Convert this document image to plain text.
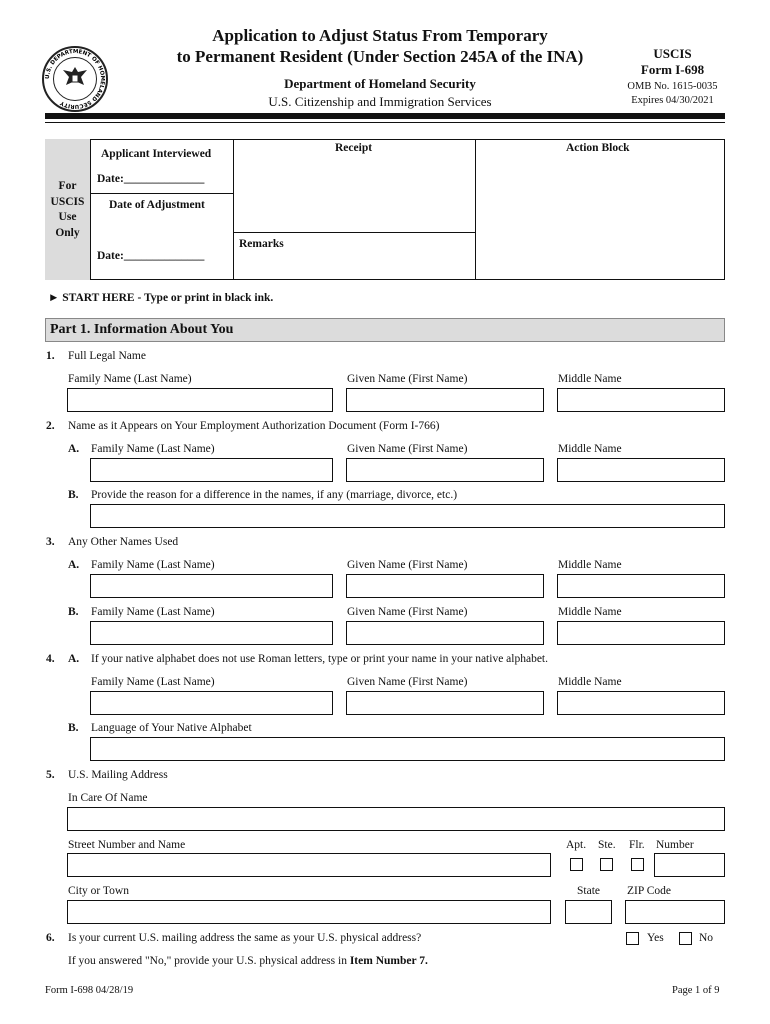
U.S. DEPARTMENT OF HOMELAND SECURITY
Application to Adjust Status From Temporary
to Permanent Resident (Under Section 245A of the INA)
Department of Homeland Security
U.S. Citizenship and Immigration Services
USCIS
Form I-698
OMB No. 1615-0035
Expires 04/30/2021
For
USCIS
Use
Only
Applicant Interviewed
Date:______________
Date of Adjustment
Date:______________
Receipt
Remarks
Action Block
► START HERE - Type or print in black ink.
Part 1. Information About You
1. Full Legal Name
Family Name (Last Name)	Given Name (First Name)	Middle Name
2. Name as it Appears on Your Employment Authorization Document (Form I-766)
A. Family Name (Last Name)	Given Name (First Name)	Middle Name
B. Provide the reason for a difference in the names, if any (marriage, divorce, etc.)
3. Any Other Names Used
A. Family Name (Last Name)	Given Name (First Name)	Middle Name
B. Family Name (Last Name)	Given Name (First Name)	Middle Name
4. A. If your native alphabet does not use Roman letters, type or print your name in your native alphabet.
Family Name (Last Name)	Given Name (First Name)	Middle Name
B. Language of Your Native Alphabet
5. U.S. Mailing Address
In Care Of Name
Street Number and Name	Apt. Ste. Flr. Number
City or Town	State ZIP Code
6. Is your current U.S. mailing address the same as your U.S. physical address?	Yes	No
If you answered "No," provide your U.S. physical address in Item Number 7.
Form I-698 04/28/19	Page 1 of 9
